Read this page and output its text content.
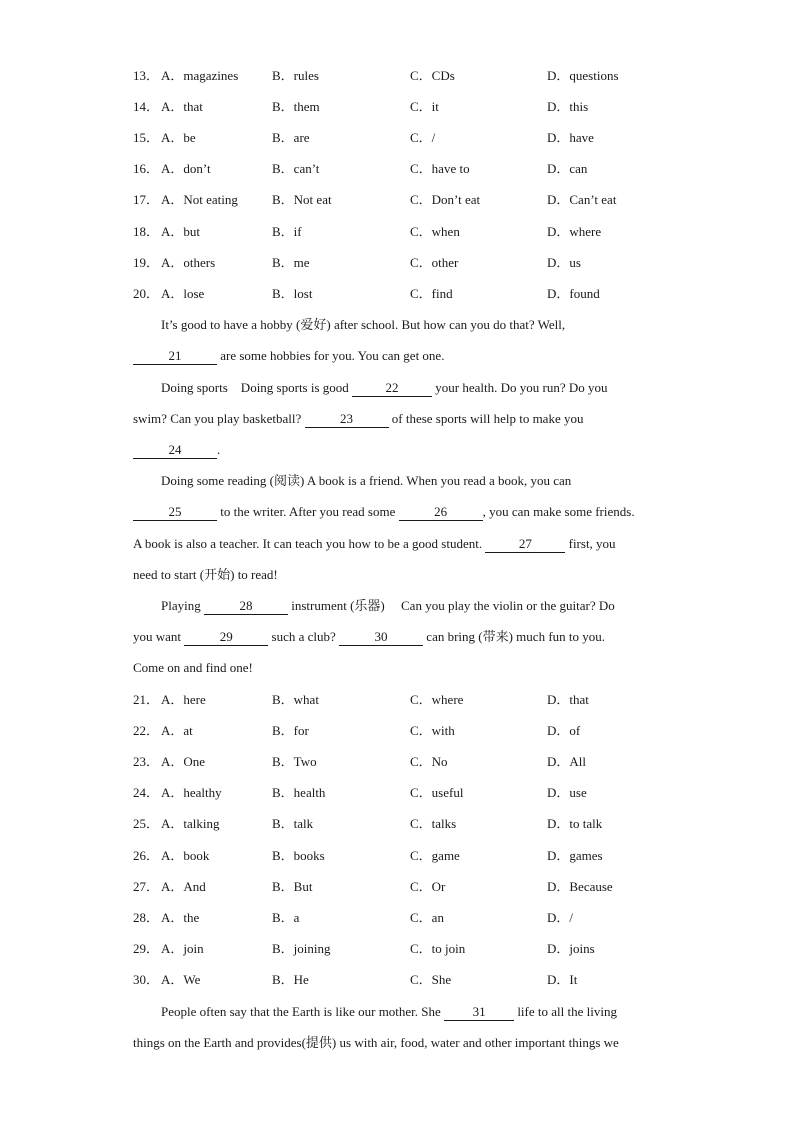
13． A．magazines	B．rules	C．CDs	D．questions
14． A．that	B．them	C．it	D．this
15． A．be	B．are	C．/	D．have
16． A．don’t	B．can’t	C．have to	D．can
17． A．Not eating	B．Not eat	C．Don’t eat	D．Can’t eat
18． A．but	B．if	C．when	D．where
19． A．others	B．me	C．other	D．us
20． A．lose	B．lost	C．find	D．found
It’s good to have a hobby (爱好) after school. But how can you do that? Well,
21	are some hobbies for you. You can get one.
Doing sports    Doing sports is good	22	your health. Do you run? Do you
swim? Can you play basketball?	23	of these sports will help to make you
24	.
Doing some reading (阅读) A book is a friend. When you read a book, you can
25	to the writer. After you read some	26	, you can make some friends.
A book is also a teacher. It can teach you how to be a good student.	27	first, you
need to start (开始) to read!
Playing	28	instrument (乐器)     Can you play the violin or the guitar? Do
you want	29	such a club?	30	can bring (带来) much fun to you.
Come on and find one!
21． A．here	B．what	C．where	D．that
22． A．at	B．for	C．with	D．of
23． A．One	B．Two	C．No	D．All
24． A．healthy	B．health	C．useful	D．use
25． A．talking	B．talk	C．talks	D．to talk
26． A．book	B．books	C．game	D．games
27． A．And	B．But	C．Or	D．Because
28． A．the	B．a	C．an	D．/
29． A．join	B．joining	C．to join	D．joins
30． A．We	B．He	C．She	D．It
People often say that the Earth is like our mother. She 31 life to all the living
things on the Earth and provides(提供) us with air, food, water and other important things we
